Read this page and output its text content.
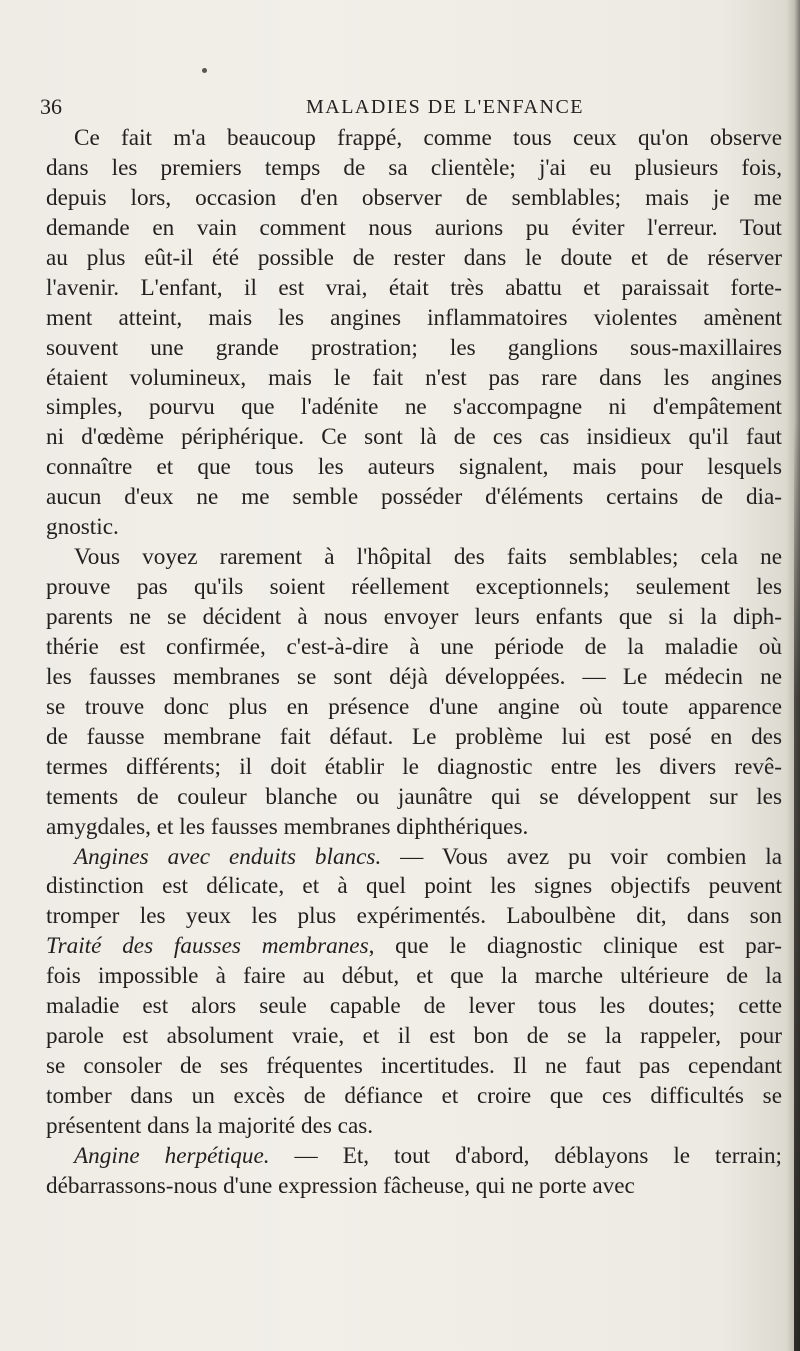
36	MALADIES DE L'ENFANCE
Ce fait m'a beaucoup frappé, comme tous ceux qu'on observe
dans les premiers temps de sa clientèle; j'ai eu plusieurs fois,
depuis lors, occasion d'en observer de semblables; mais je me
demande en vain comment nous aurions pu éviter l'erreur. Tout
au plus eût-il été possible de rester dans le doute et de réserver
l'avenir. L'enfant, il est vrai, était très abattu et paraissait forte-
ment atteint, mais les angines inflammatoires violentes amènent
souvent une grande prostration; les ganglions sous-maxillaires
étaient volumineux, mais le fait n'est pas rare dans les angines
simples, pourvu que l'adénite ne s'accompagne ni d'empâtement
ni d'œdème périphérique. Ce sont là de ces cas insidieux qu'il faut
connaître et que tous les auteurs signalent, mais pour lesquels
aucun d'eux ne me semble posséder d'éléments certains de dia-
gnostic.
Vous voyez rarement à l'hôpital des faits semblables; cela ne
prouve pas qu'ils soient réellement exceptionnels; seulement les
parents ne se décident à nous envoyer leurs enfants que si la diph-
thérie est confirmée, c'est-à-dire à une période de la maladie où
les fausses membranes se sont déjà développées. — Le médecin ne
se trouve donc plus en présence d'une angine où toute apparence
de fausse membrane fait défaut. Le problème lui est posé en des
termes différents; il doit établir le diagnostic entre les divers revê-
tements de couleur blanche ou jaunâtre qui se développent sur les
amygdales, et les fausses membranes diphthériques.
Angines avec enduits blancs. — Vous avez pu voir combien la
distinction est délicate, et à quel point les signes objectifs peuvent
tromper les yeux les plus expérimentés. Laboulbène dit, dans son
Traité des fausses membranes, que le diagnostic clinique est par-
fois impossible à faire au début, et que la marche ultérieure de la
maladie est alors seule capable de lever tous les doutes; cette
parole est absolument vraie, et il est bon de se la rappeler, pour
se consoler de ses fréquentes incertitudes. Il ne faut pas cependant
tomber dans un excès de défiance et croire que ces difficultés se
présentent dans la majorité des cas.
Angine herpétique. — Et, tout d'abord, déblayons le terrain;
débarrassons-nous d'une expression fâcheuse, qui ne porte avec
